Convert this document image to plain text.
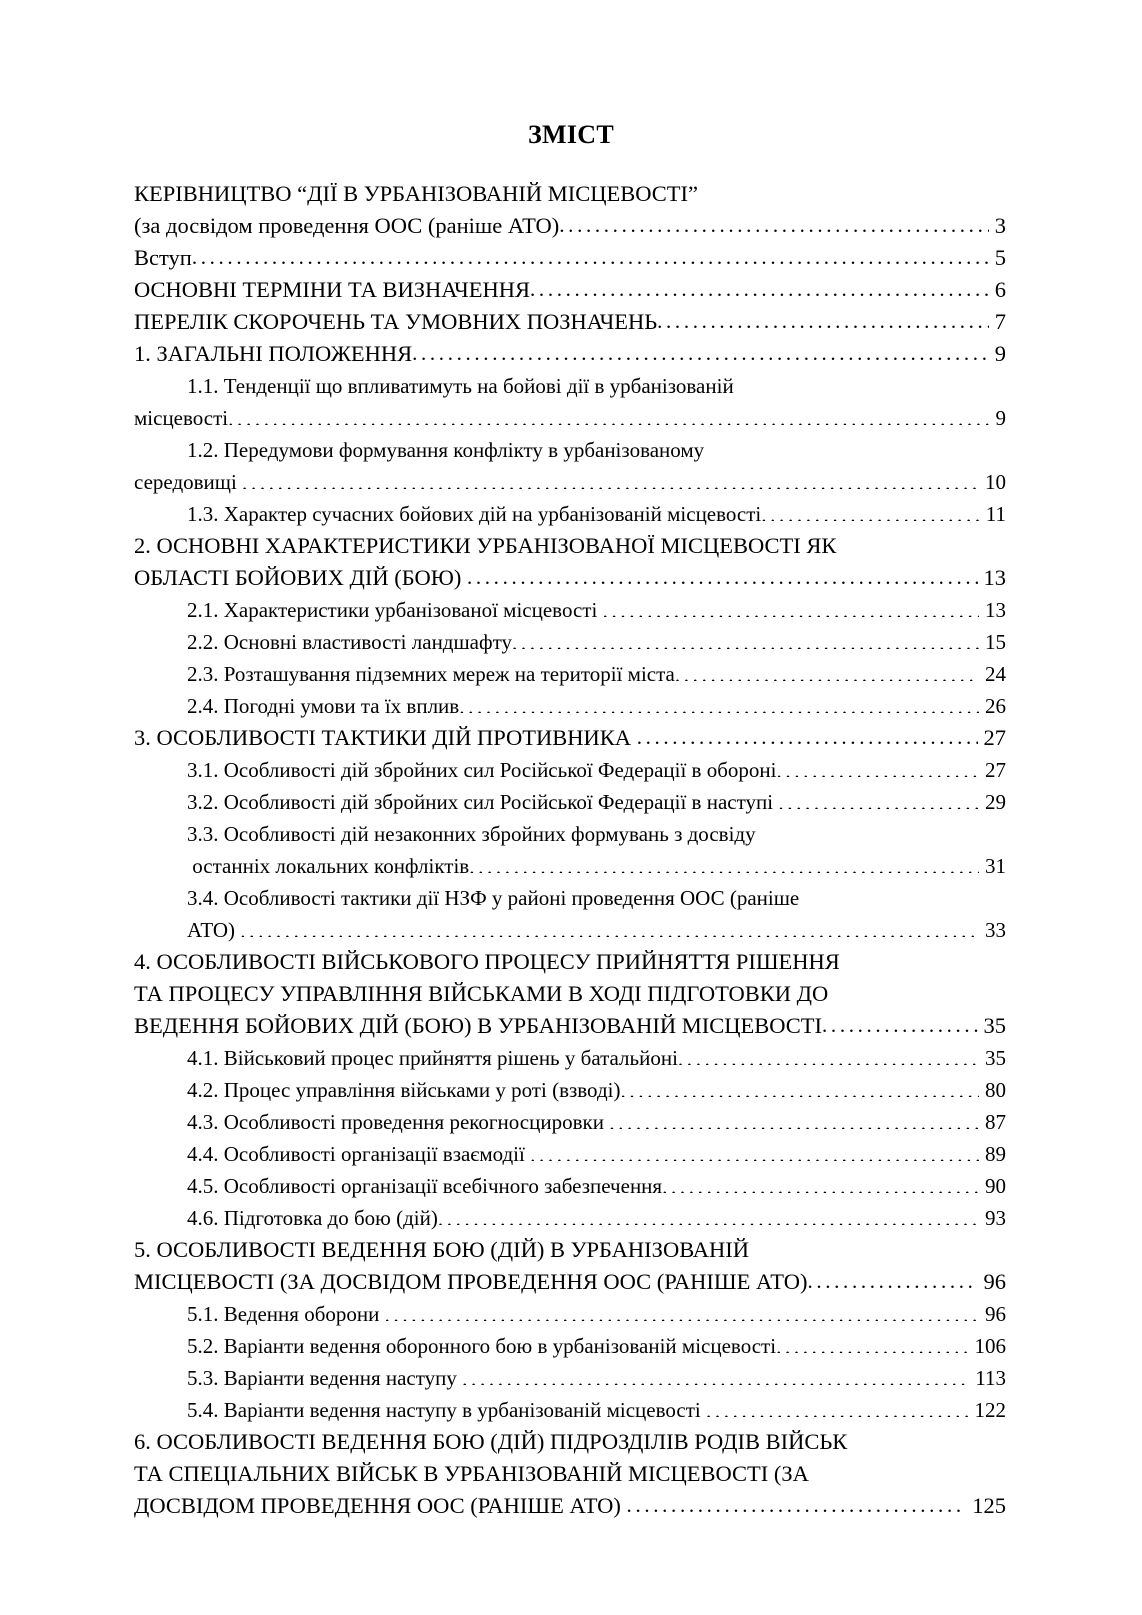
ЗМІСТ
КЕРІВНИЦТВО “ДІЇ В УРБАНІЗОВАНІЙ МІСЦЕВОСТІ”
(за досвідом проведення ООС (раніше АТО) . . .	3
Вступ . . .	5
ОСНОВНІ ТЕРМІНИ ТА ВИЗНАЧЕННЯ . . .	6
ПЕРЕЛІК СКОРОЧЕНЬ ТА УМОВНИХ ПОЗНАЧЕНЬ . . .	7
1. ЗАГАЛЬНІ ПОЛОЖЕННЯ . . .	9
1.1. Тенденції що впливатимуть на бойові дії в урбанізованій
місцевості . . .	9
1.2. Передумови формування конфлікту в урбанізованому
середовищі . . .	10
1.3. Характер сучасних бойових дій на урбанізованій місцевості . . .	11
2. ОСНОВНІ ХАРАКТЕРИСТИКИ УРБАНІЗОВАНОЇ МІСЦЕВОСТІ ЯК
ОБЛАСТІ БОЙОВИХ ДІЙ (БОЮ) . . .	13
2.1. Характеристики урбанізованої місцевості . . .	13
2.2. Основні властивості ландшафту . . .	15
2.3. Розташування підземних мереж на території міста . . .	24
2.4. Погодні умови та їх вплив . . .	26
3. ОСОБЛИВОСТІ ТАКТИКИ ДІЙ ПРОТИВНИКА . . .	27
3.1. Особливості дій збройних сил Російської Федерації в обороні . . .	27
3.2. Особливості дій збройних сил Російської Федерації в наступі . . .	29
3.3. Особливості дій незаконних збройних формувань з досвіду
останніх локальних конфліктів . . .	31
3.4. Особливості тактики дії НЗФ у районі проведення ООС (раніше
АТО) . . .	33
4. ОСОБЛИВОСТІ ВІЙСЬКОВОГО ПРОЦЕСУ ПРИЙНЯТТЯ РІШЕННЯ
ТА ПРОЦЕСУ УПРАВЛІННЯ ВІЙСЬКАМИ В ХОДІ ПІДГОТОВКИ ДО
ВЕДЕННЯ БОЙОВИХ ДІЙ (БОЮ) В УРБАНІЗОВАНІЙ МІСЦЕВОСТІ . . .	35
4.1. Військовий процес прийняття рішень у батальйоні . . .	35
4.2. Процес управління військами у роті (взводі) . . .	80
4.3. Особливості проведення рекогносцировки . . .	87
4.4. Особливості організації взаємодії . . .	89
4.5. Особливості організації всебічного забезпечення . . .	90
4.6. Підготовка до бою (дій) . . .	93
5. ОСОБЛИВОСТІ ВЕДЕННЯ БОЮ (ДІЙ) В УРБАНІЗОВАНІЙ
МІСЦЕВОСТІ (ЗА ДОСВІДОМ ПРОВЕДЕННЯ ООС (РАНІШЕ АТО) . . .	96
5.1. Ведення оборони . . .	96
5.2. Варіанти ведення оборонного бою в урбанізованій місцевості . . .	106
5.3. Варіанти ведення наступу . . .	113
5.4. Варіанти ведення наступу в урбанізованій місцевості . . .	122
6. ОСОБЛИВОСТІ ВЕДЕННЯ БОЮ (ДІЙ) ПІДРОЗДІЛІВ РОДІВ ВІЙСЬК
ТА СПЕЦІАЛЬНИХ ВІЙСЬК В УРБАНІЗОВАНІЙ МІСЦЕВОСТІ (ЗА
ДОСВІДОМ ПРОВЕДЕННЯ ООС (РАНІШЕ АТО) . . .	125
